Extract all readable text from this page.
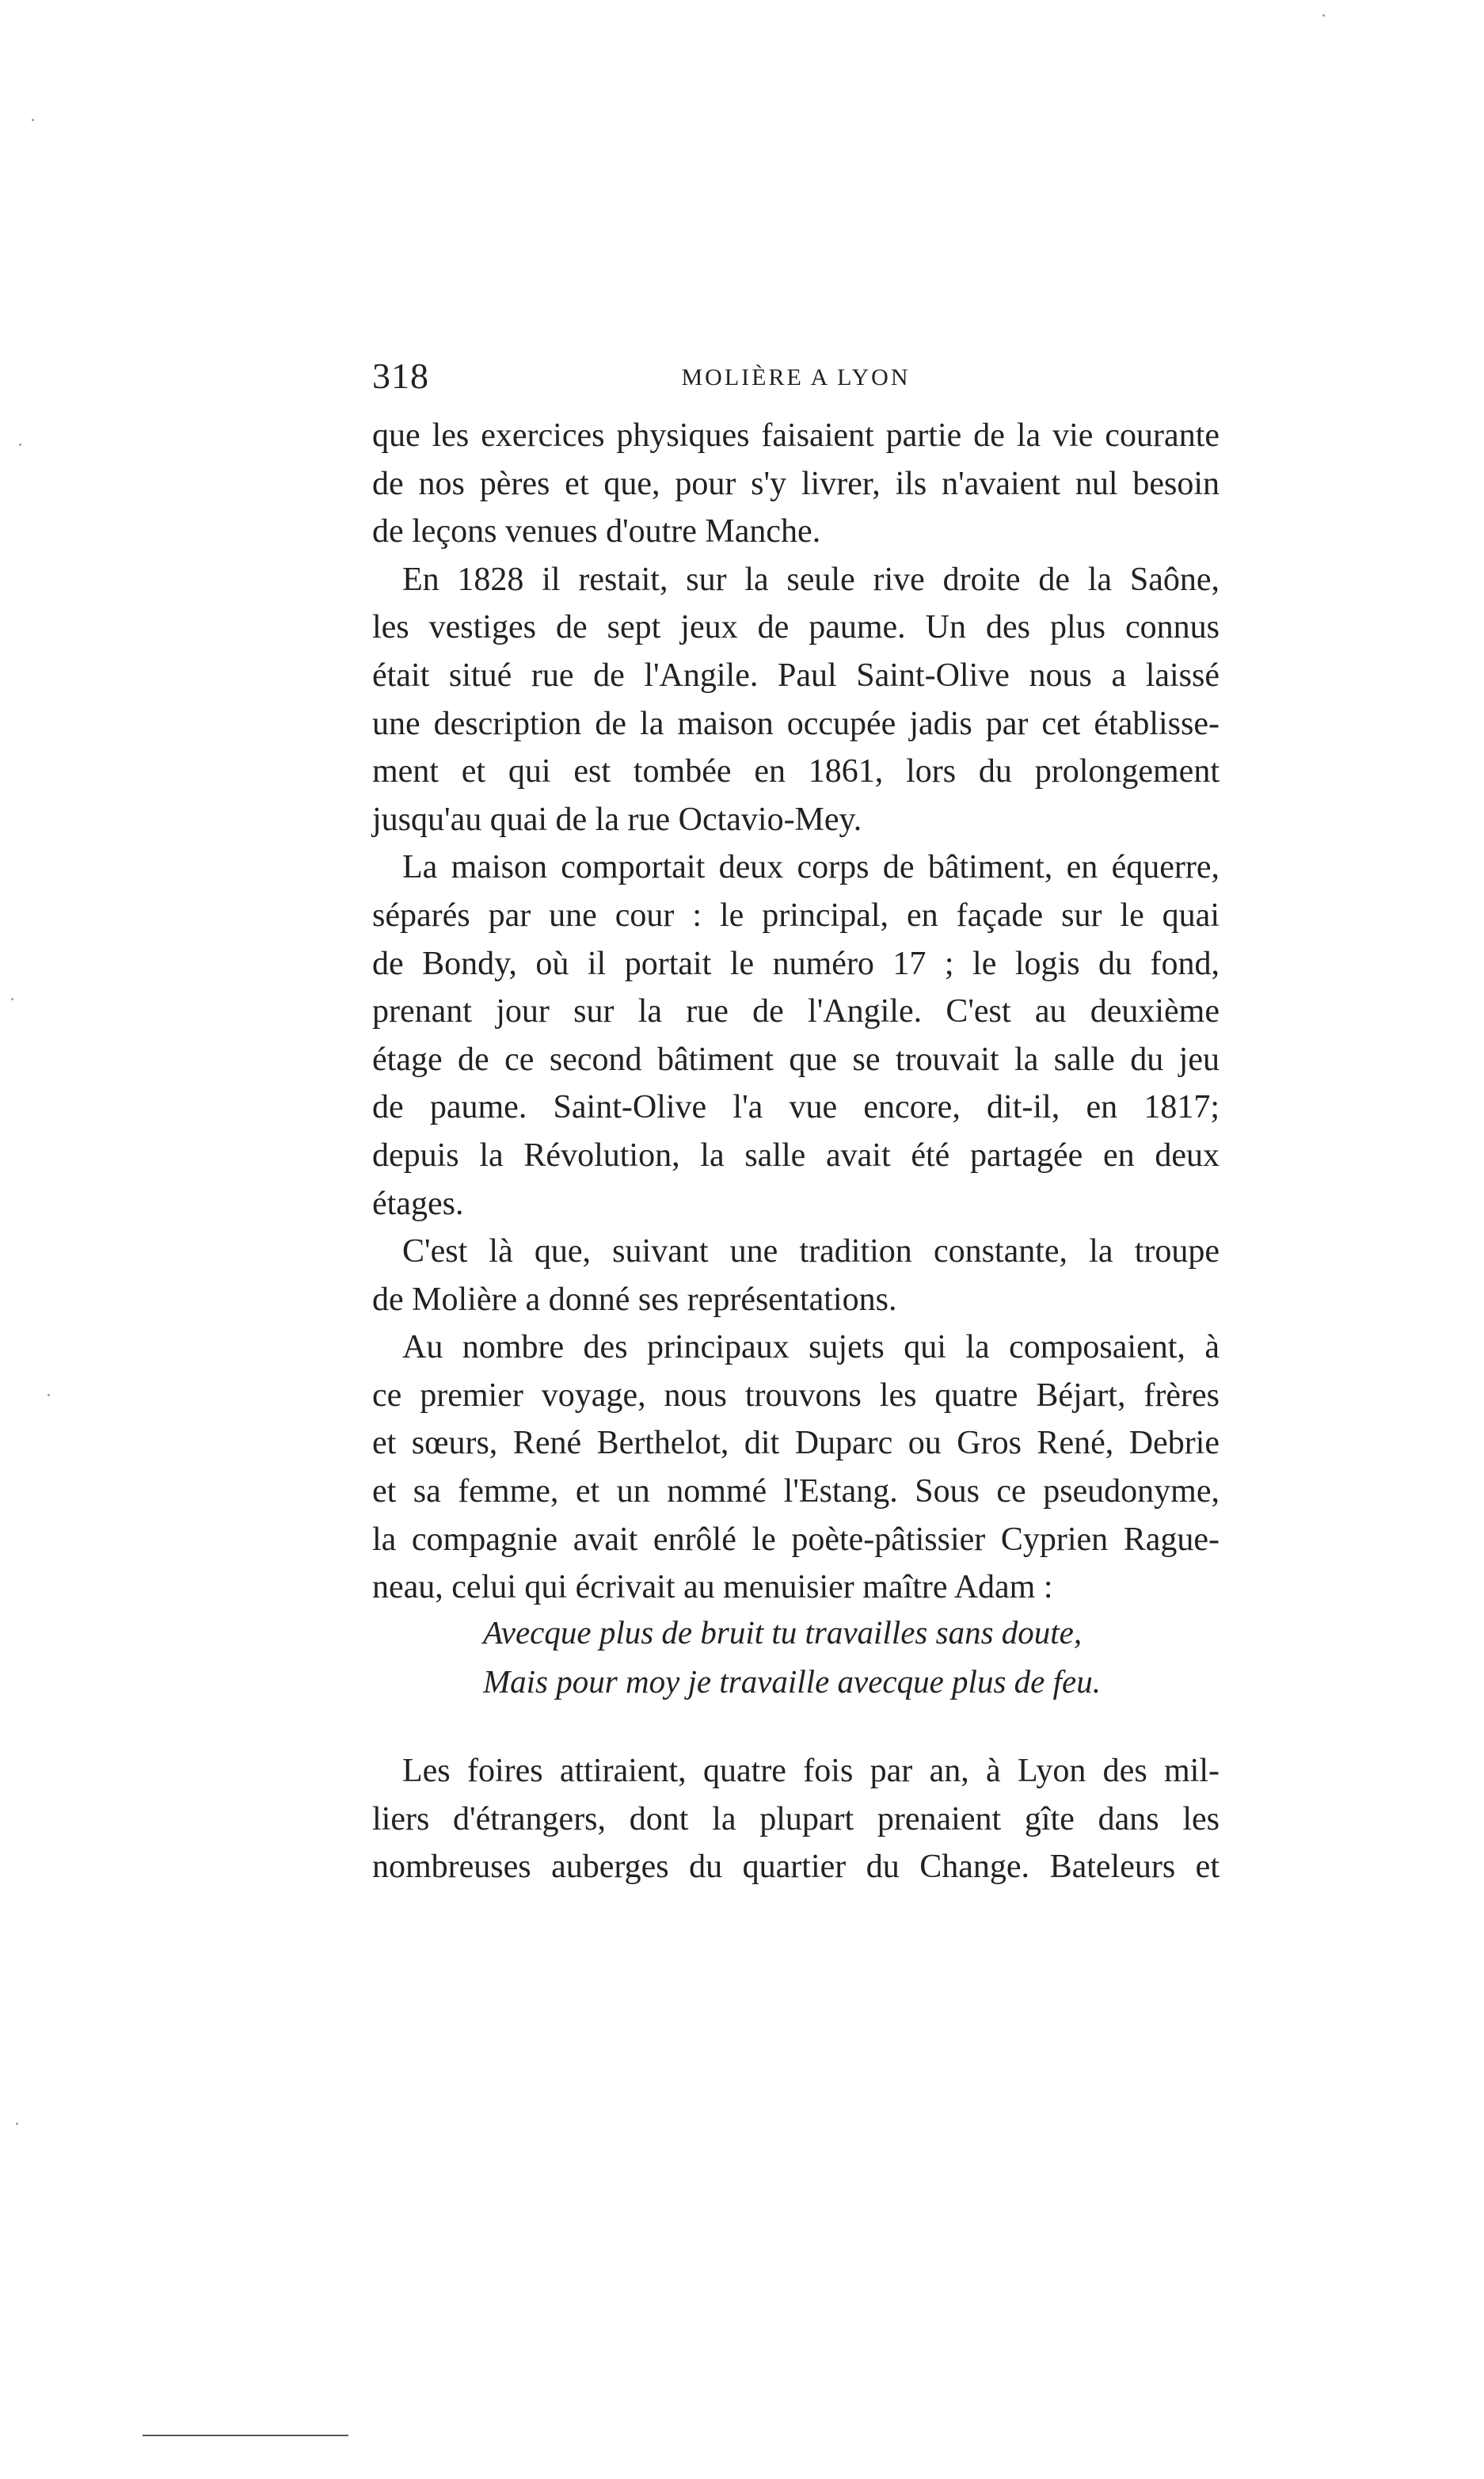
318	MOLIÈRE A LYON

que les exercices physiques faisaient partie de la vie courante
de nos pères et que, pour s'y livrer, ils n'avaient nul besoin
de leçons venues d'outre Manche.

En 1828 il restait, sur la seule rive droite de la Saône,
les vestiges de sept jeux de paume. Un des plus connus
était situé rue de l'Angile. Paul Saint-Olive nous a laissé
une description de la maison occupée jadis par cet établisse-
ment et qui est tombée en 1861, lors du prolongement
jusqu'au quai de la rue Octavio-Mey.

La maison comportait deux corps de bâtiment, en équerre,
séparés par une cour : le principal, en façade sur le quai
de Bondy, où il portait le numéro 17 ; le logis du fond,
prenant jour sur la rue de l'Angile. C'est au deuxième
étage de ce second bâtiment que se trouvait la salle du jeu
de paume. Saint-Olive l'a vue encore, dit-il, en 1817;
depuis la Révolution, la salle avait été partagée en deux
étages.

C'est là que, suivant une tradition constante, la troupe
de Molière a donné ses représentations.

Au nombre des principaux sujets qui la composaient, à
ce premier voyage, nous trouvons les quatre Béjart, frères
et sœurs, René Berthelot, dit Duparc ou Gros René, Debrie
et sa femme, et un nommé l'Estang. Sous ce pseudonyme,
la compagnie avait enrôlé le poète-pâtissier Cyprien Rague-
neau, celui qui écrivait au menuisier maître Adam :

Avecque plus de bruit tu travailles sans doute,
Mais pour moy je travaille avecque plus de feu.

Les foires attiraient, quatre fois par an, à Lyon des mil-
liers d'étrangers, dont la plupart prenaient gîte dans les
nombreuses auberges du quartier du Change. Bateleurs et
